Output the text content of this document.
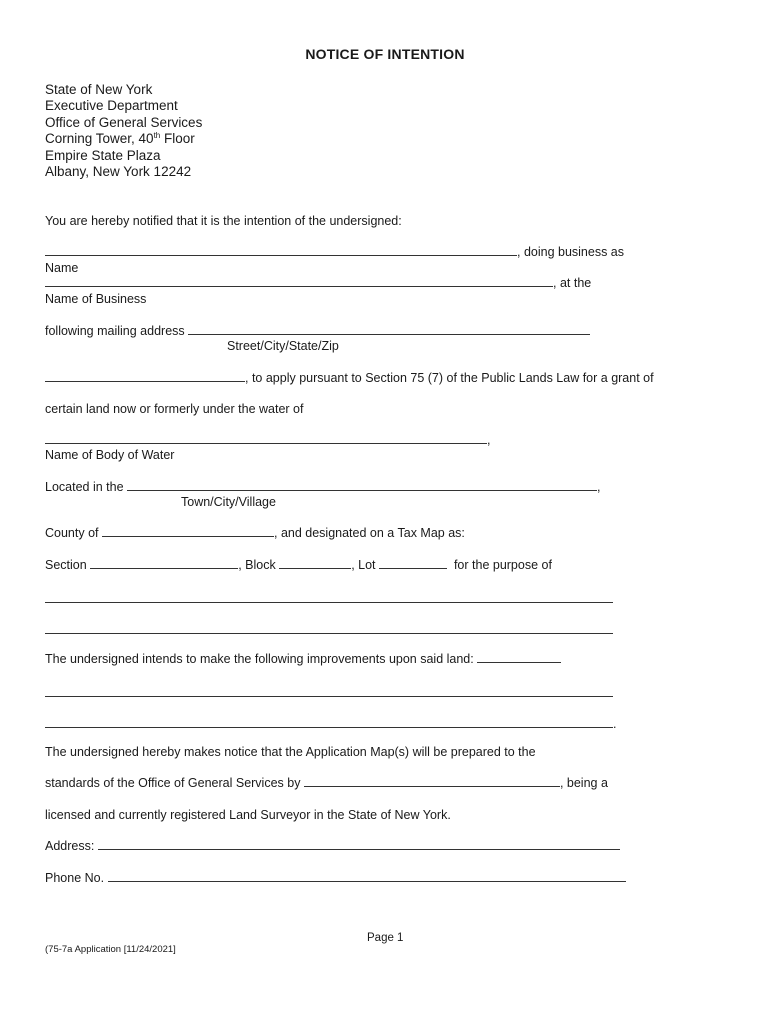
NOTICE OF INTENTION
State of New York
Executive Department
Office of General Services
Corning Tower, 40th Floor
Empire State Plaza
Albany, New York 12242
You are hereby notified that it is the intention of the undersigned:
, doing business as
Name
, at the
Name of Business
following mailing address
Street/City/State/Zip
, to apply pursuant to Section 75 (7) of the Public Lands Law for a grant of
certain land now or formerly under the water of
,
Name of Body of Water
Located in the	,
Town/City/Village
County of	, and designated on a Tax Map as:
Section	, Block	, Lot	for the purpose of
The undersigned intends to make the following improvements upon said land:
.
The undersigned hereby makes notice that the Application Map(s) will be prepared to the
standards of the Office of General Services by	, being a
licensed and currently registered Land Surveyor in the State of New York.
Address:
Phone No.
Page 1
(75-7a Application [11/24/2021]
